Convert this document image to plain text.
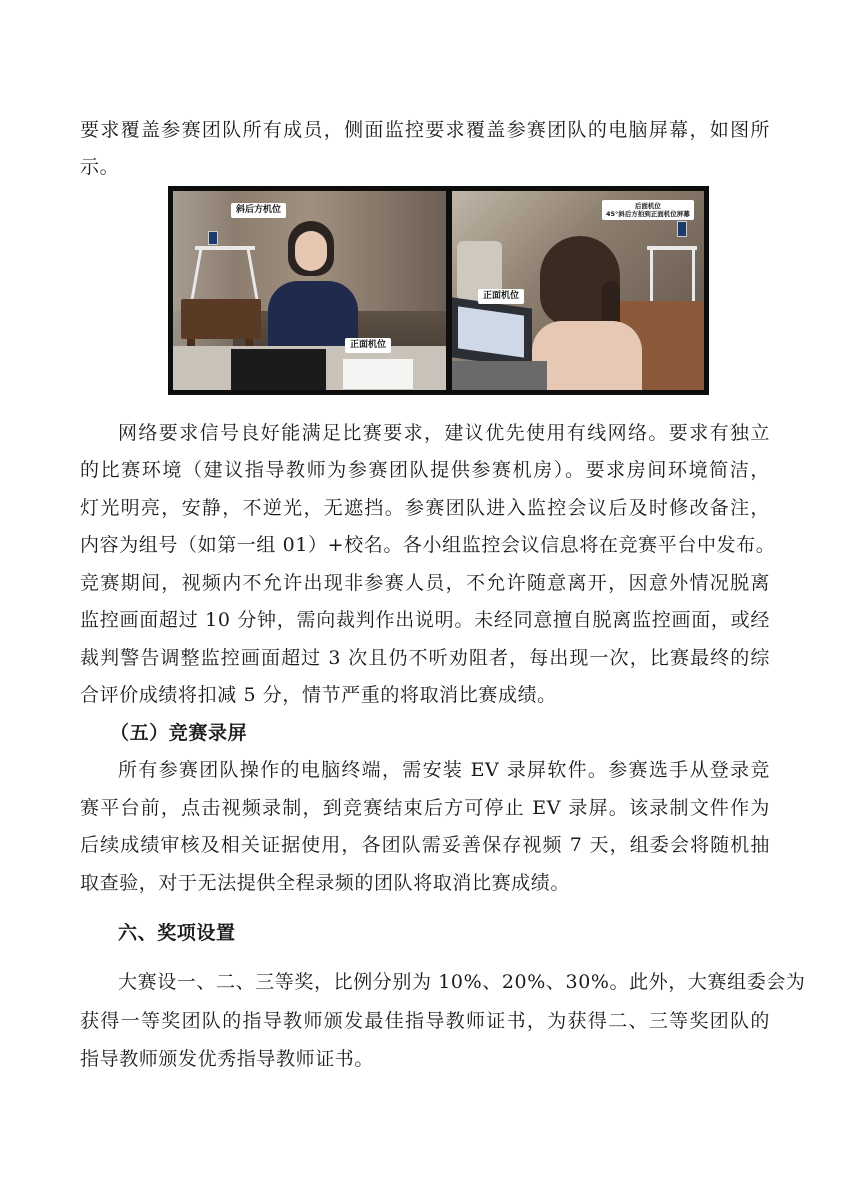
要求覆盖参赛团队所有成员，侧面监控要求覆盖参赛团队的电脑屏幕，如图所
示。
斜后方机位
正面机位
后面机位
45°斜后方拍到正面机位屏幕
正面机位
网络要求信号良好能满足比赛要求，建议优先使用有线网络。要求有独立
的比赛环境（建议指导教师为参赛团队提供参赛机房）。要求房间环境简洁，
灯光明亮，安静，不逆光，无遮挡。参赛团队进入监控会议后及时修改备注，
内容为组号（如第一组 01）+校名。各小组监控会议信息将在竞赛平台中发布。
竞赛期间，视频内不允许出现非参赛人员，不允许随意离开，因意外情况脱离
监控画面超过 10 分钟，需向裁判作出说明。未经同意擅自脱离监控画面，或经
裁判警告调整监控画面超过 3 次且仍不听劝阻者，每出现一次，比赛最终的综
合评价成绩将扣减 5 分，情节严重的将取消比赛成绩。
（五）竞赛录屏
所有参赛团队操作的电脑终端，需安装 EV 录屏软件。参赛选手从登录竞
赛平台前，点击视频录制，到竞赛结束后方可停止 EV 录屏。该录制文件作为
后续成绩审核及相关证据使用，各团队需妥善保存视频 7 天，组委会将随机抽
取查验，对于无法提供全程录频的团队将取消比赛成绩。
六、奖项设置
大赛设一、二、三等奖，比例分别为 10%、20%、30%。此外，大赛组委会为
获得一等奖团队的指导教师颁发最佳指导教师证书，为获得二、三等奖团队的
指导教师颁发优秀指导教师证书。
